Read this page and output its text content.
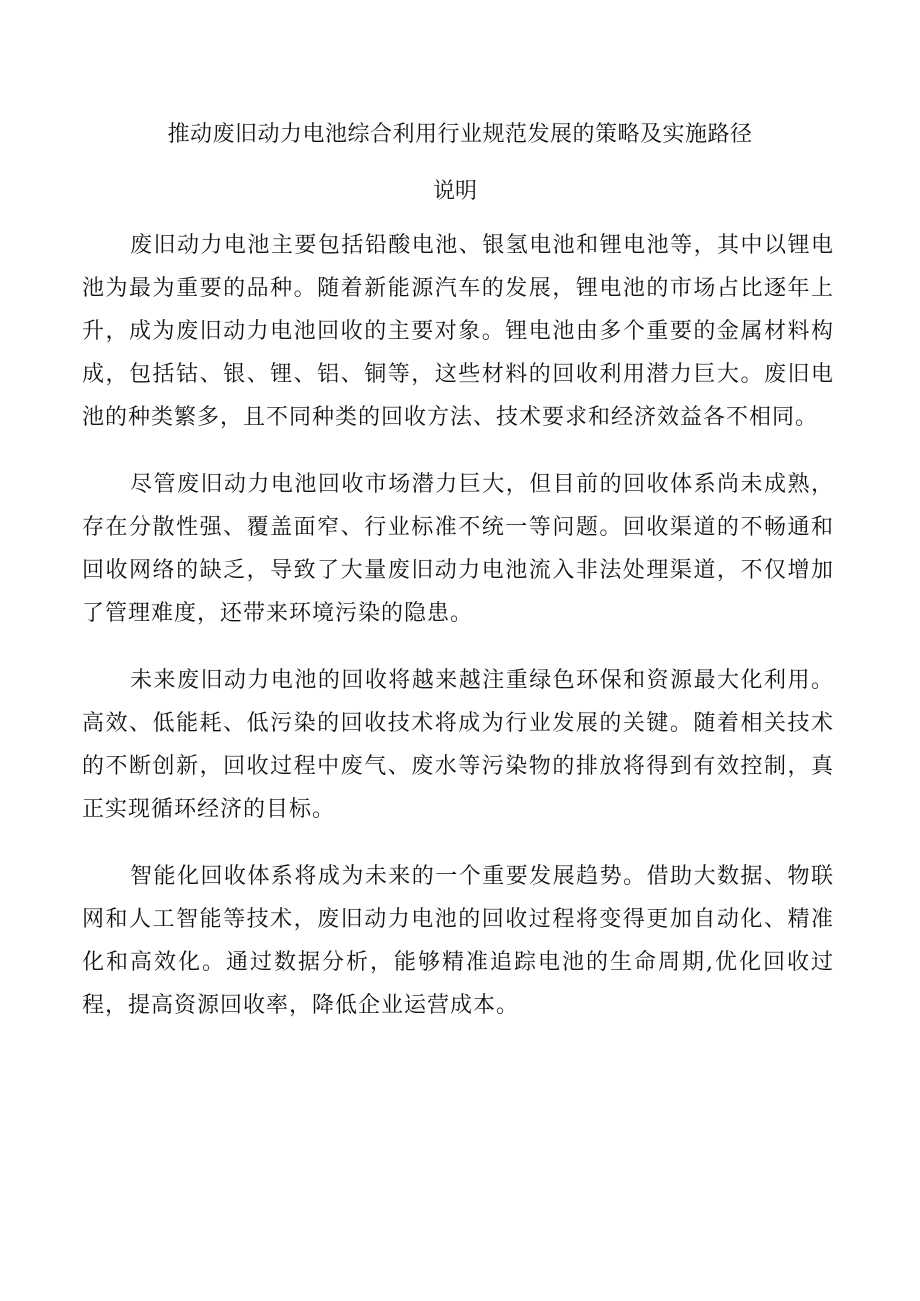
推动废旧动力电池综合利用行业规范发展的策略及实施路径
说明

废旧动力电池主要包括铅酸电池、银氢电池和锂电池等，其中以锂电池为最为重要的品种。随着新能源汽车的发展，锂电池的市场占比逐年上升，成为废旧动力电池回收的主要对象。锂电池由多个重要的金属材料构成，包括钴、银、锂、铝、铜等，这些材料的回收利用潜力巨大。废旧电池的种类繁多，且不同种类的回收方法、技术要求和经济效益各不相同。

尽管废旧动力电池回收市场潜力巨大，但目前的回收体系尚未成熟，存在分散性强、覆盖面窄、行业标准不统一等问题。回收渠道的不畅通和回收网络的缺乏，导致了大量废旧动力电池流入非法处理渠道，不仅增加了管理难度，还带来环境污染的隐患。

未来废旧动力电池的回收将越来越注重绿色环保和资源最大化利用。高效、低能耗、低污染的回收技术将成为行业发展的关键。随着相关技术的不断创新，回收过程中废气、废水等污染物的排放将得到有效控制，真正实现循环经济的目标。

智能化回收体系将成为未来的一个重要发展趋势。借助大数据、物联网和人工智能等技术，废旧动力电池的回收过程将变得更加自动化、精准化和高效化。通过数据分析，能够精准追踪电池的生命周期,优化回收过程，提高资源回收率，降低企业运营成本。
